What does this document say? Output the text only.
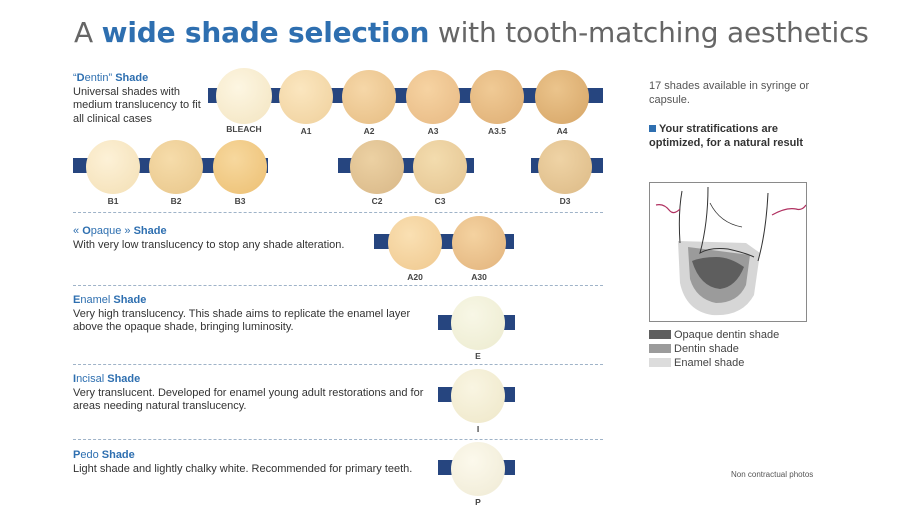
A wide shade selection with tooth-matching aesthetics
“Dentin” Shade
Universal shades with medium translucency to fit all clinical cases
BLEACH	A1	A2	A3	A3.5	A4
B1	B2	B3	C2	C3	D3
« Opaque » Shade
With very low translucency to stop any shade alteration.
A20	A30
Enamel Shade
Very high translucency. This shade aims to replicate the enamel layer above the opaque shade, bringing luminosity.
E
Incisal Shade
Very translucent. Developed for enamel young adult restorations and for areas needing natural translucency.
I
Pedo Shade
Light shade and lightly chalky white. Recommended for primary teeth.
P
17 shades available in syringe or capsule.
Your stratifications are optimized, for a natural result
Opaque dentin shade
Dentin shade
Enamel shade
Non contractual photos
